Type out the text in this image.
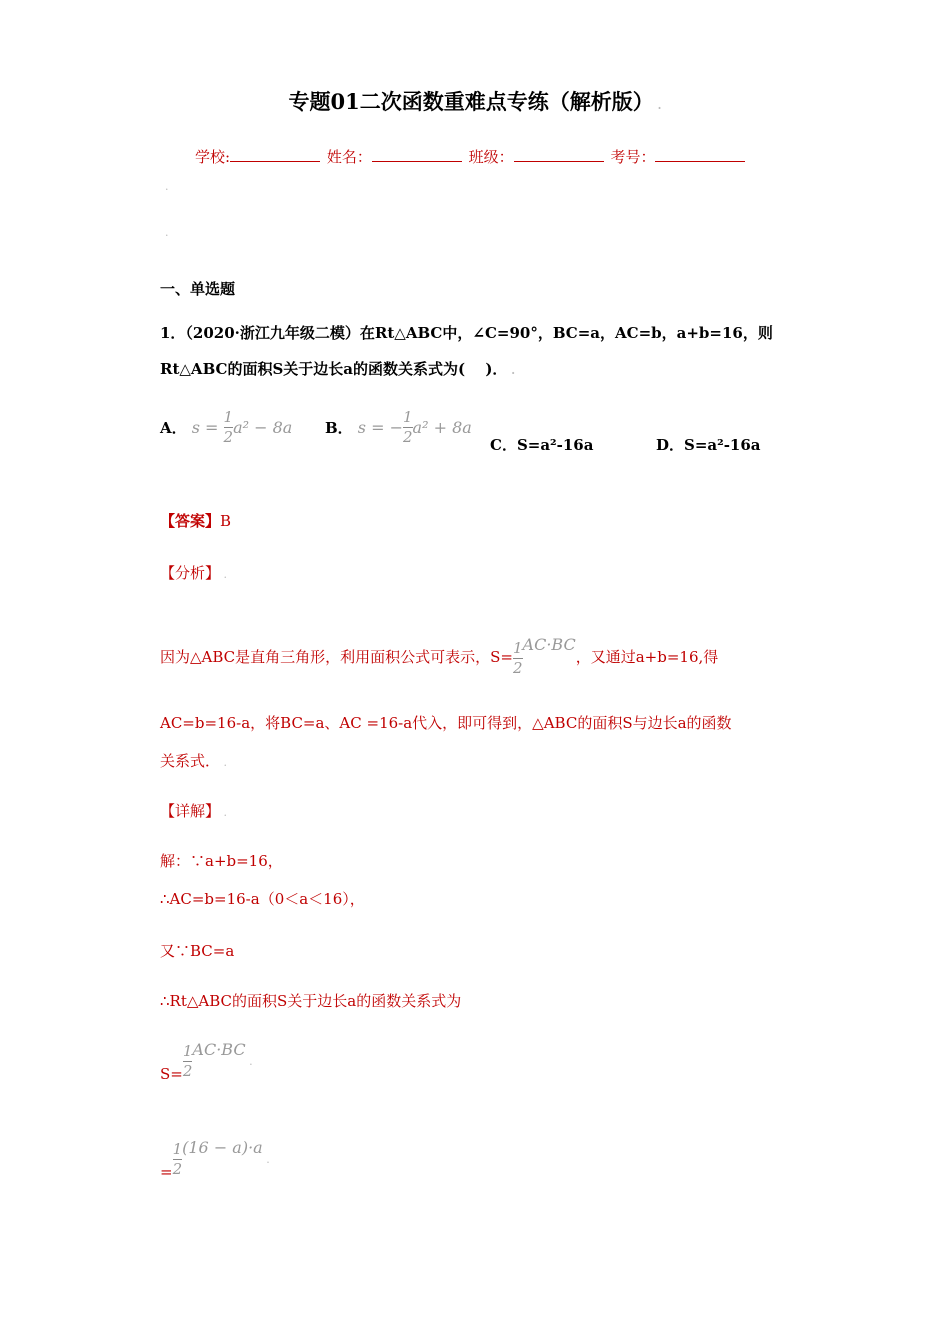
专题01二次函数重难点专练（解析版） .
学校:	姓名：	班级：	考号：
.
.
一、单选题
1．（2020·浙江九年级二模）在Rt△ABC中，∠C=90°，BC=a，AC=b，a+b=16，则
Rt△ABC的面积S关于边长a的函数关系式为(　 )． .
A． $s = \frac{1}{2} a^2 - 8a$ B． s = − $\frac{1}{2} a^2 + 8a$
C．S=a²-16a	D．S=a²-16a
【答案】B
【分析】 .
因为△ABC是直角三角形，利用面积公式可表示，$S= \frac{1}{2} AC\cdot BC$，又通过a+b=16,得
AC=b=16-a，将BC=a、AC =16-a代入，即可得到，△ABC的面积S与边长a的函数
关系式． .
【详解】 .
解：∵a+b=16，
∴AC=b=16-a（0＜a＜16），
又∵BC=a
∴Rt△ABC的面积S关于边长a的函数关系式为
$S= \frac{1}{2} AC\cdot BC$ .
= $\frac{1}{2} (16 - a)\cdot a$ .
